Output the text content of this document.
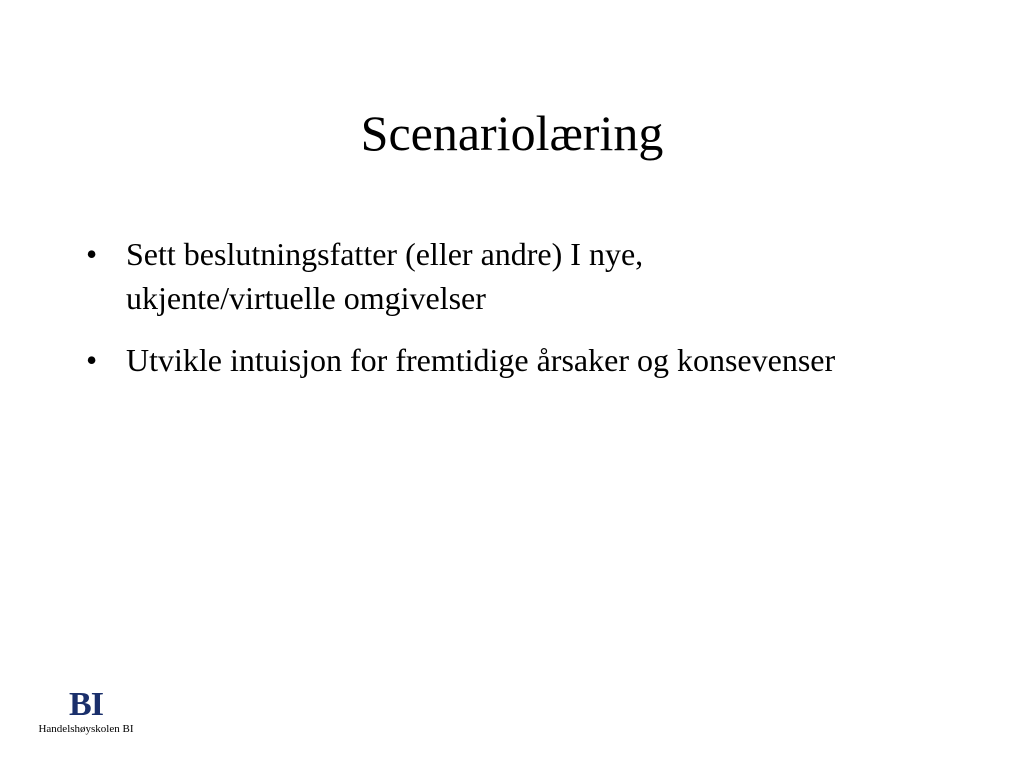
Scenariolæring
• Sett beslutningsfatter (eller andre) I nye, ukjente/virtuelle omgivelser
• Utvikle intuisjon for fremtidige årsaker og konsevenser
BI
Handelshøyskolen BI
